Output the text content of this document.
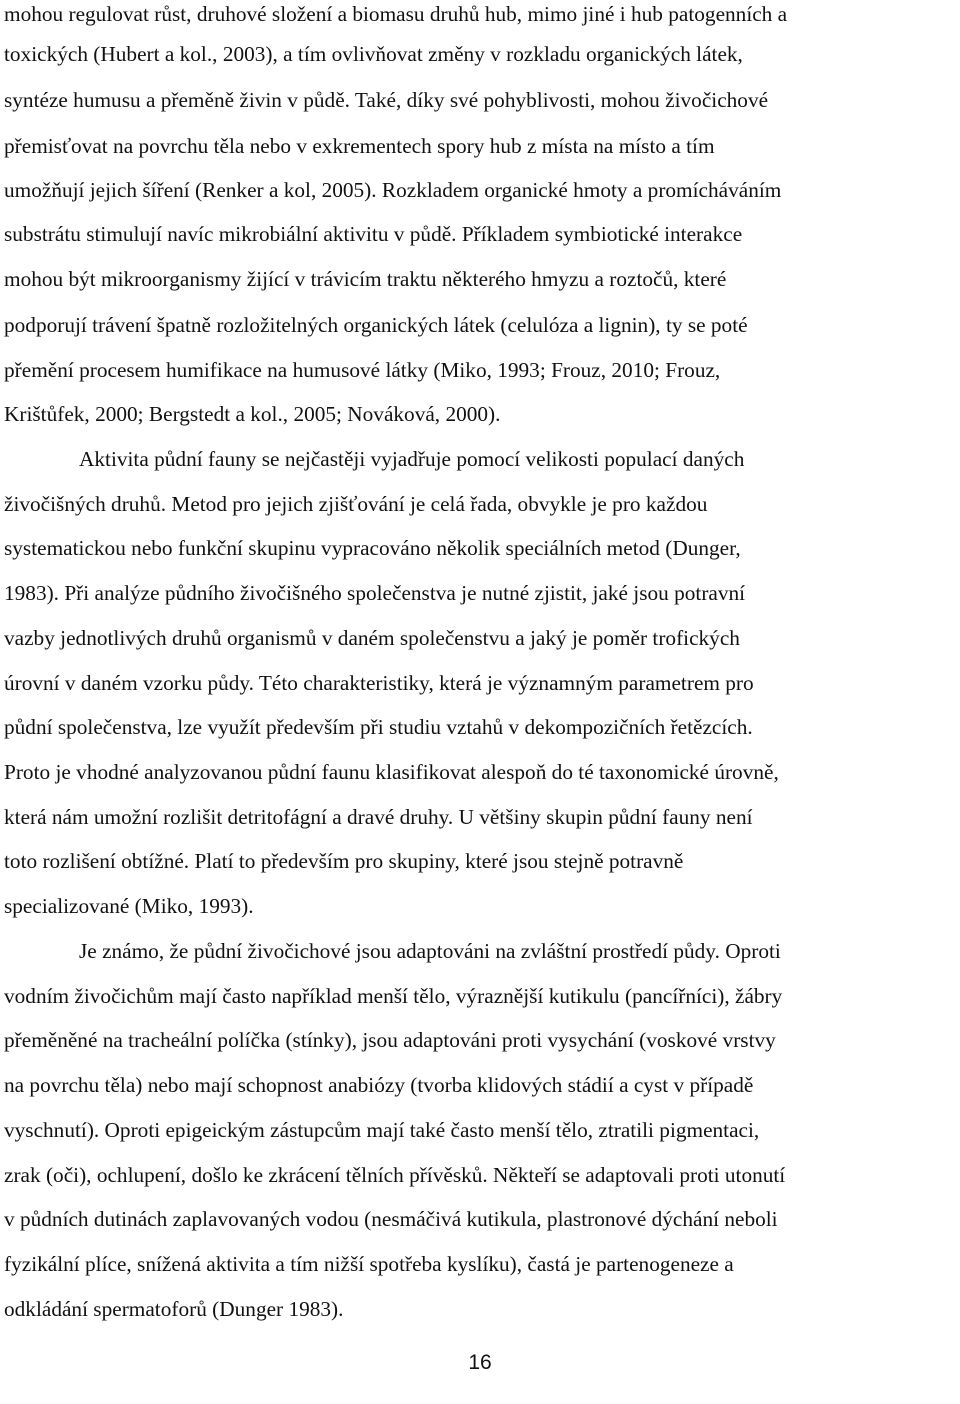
mohou regulovat růst, druhové složení a biomasu druhů hub, mimo jiné i hub patogenních a
toxických (Hubert a kol., 2003), a tím ovlivňovat změny v rozkladu organických látek,
syntéze humusu a přeměně živin v půdě. Také, díky své pohyblivosti, mohou živočichové
přemisťovat na povrchu těla nebo v exkrementech spory hub z místa na místo a tím
umožňují jejich šíření (Renker a kol, 2005). Rozkladem organické hmoty a promícháváním
substrátu stimulují navíc mikrobiální aktivitu v půdě. Příkladem symbiotické interakce
mohou být mikroorganismy žijící v trávicím traktu některého hmyzu a roztočů, které
podporují trávení špatně rozložitelných organických látek (celulóza a lignin), ty se poté
přemění procesem humifikace na humusové látky (Miko, 1993; Frouz, 2010; Frouz,
Krištůfek, 2000; Bergstedt a kol., 2005; Nováková, 2000).
Aktivita půdní fauny se nejčastěji vyjadřuje pomocí velikosti populací daných
živočišných druhů. Metod pro jejich zjišťování je celá řada, obvykle je pro každou
systematickou nebo funkční skupinu vypracováno několik speciálních metod (Dunger,
1983). Při analýze půdního živočišného společenstva je nutné zjistit, jaké jsou potravní
vazby jednotlivých druhů organismů v daném společenstvu a jaký je poměr trofických
úrovní v daném vzorku půdy. Této charakteristiky, která je významným parametrem pro
půdní společenstva, lze využít především při studiu vztahů v dekompozičních řetězcích.
Proto je vhodné analyzovanou půdní faunu klasifikovat alespoň do té taxonomické úrovně,
která nám umožní rozlišit detritofágní a dravé druhy. U většiny skupin půdní fauny není
toto rozlišení obtížné. Platí to především pro skupiny, které jsou stejně potravně
specializované (Miko, 1993).
Je známo, že půdní živočichové jsou adaptováni na zvláštní prostředí půdy. Oproti
vodním živočichům mají často například menší tělo, výraznější kutikulu (pancířníci), žábry
přeměněné na tracheální políčka (stínky), jsou adaptováni proti vysychání (voskové vrstvy
na povrchu těla) nebo mají schopnost anabiózy (tvorba klidových stádií a cyst v případě
vyschnutí). Oproti epigeickým zástupcům mají také často menší tělo, ztratili pigmentaci,
zrak (oči), ochlupení, došlo ke zkrácení tělních přívěsků. Někteří se adaptovali proti utonutí
v půdních dutinách zaplavovaných vodou (nesmáčivá kutikula, plastronové dýchání neboli
fyzikální plíce, snížená aktivita a tím nižší spotřeba kyslíku), častá je partenogeneze a
odkládání spermatoforů (Dunger 1983).
16
